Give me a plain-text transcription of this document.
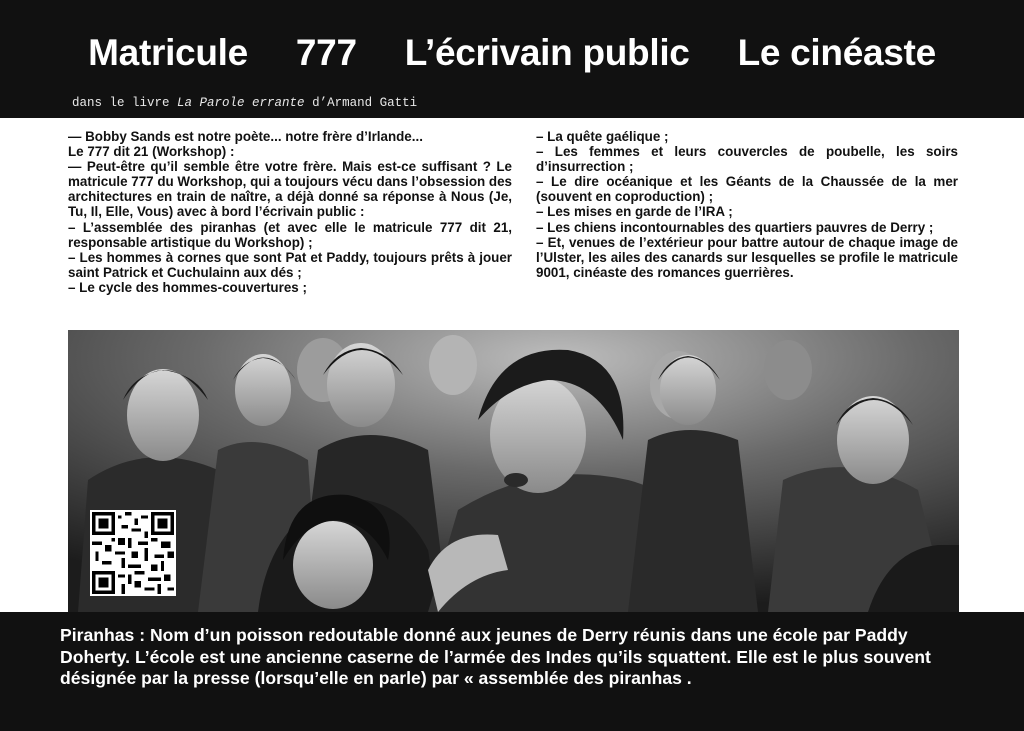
Matricule 777 L’écrivain public Le cinéaste
dans le livre La Parole errante d’Armand Gatti

— Bobby Sands est notre poète... notre frère d’Irlande...

Le 777 dit 21 (Workshop) :

— Peut-être qu’il semble être votre frère. Mais est-ce suffisant ? Le matricule 777 du Workshop, qui a toujours vécu dans l’obsession des architectures en train de naître, a déjà donné sa réponse à Nous (Je, Tu, Il, Elle, Vous) avec à bord l’écrivain public :

– L’assemblée des piranhas (et avec elle le matricule 777 dit 21, responsable artistique du Workshop) ;

– Les hommes à cornes que sont Pat et Paddy, toujours prêts à jouer saint Patrick et Cuchulainn aux dés ;

– Le cycle des hommes-couvertures ;

– La quête gaélique ;

– Les femmes et leurs couvercles de poubelle, les soirs d’insurrection ;

– Le dire océanique et les Géants de la Chaussée de la mer (souvent en coproduction) ;

– Les mises en garde de l’IRA ;

– Les chiens incontournables des quartiers pauvres de Derry ;

– Et, venues de l’extérieur pour battre autour de chaque image de l’Ulster, les ailes des canards sur lesquelles se profile le matricule 9001, cinéaste des romances guerrières.

Piranhas : Nom d’un poisson redoutable donné aux jeunes de Derry réunis dans une école par Paddy Doherty. L’école est une ancienne caserne de l’armée des Indes qu’ils squattent. Elle est le plus souvent désignée par la presse (lorsqu’elle en parle) par « assemblée des piranhas .
